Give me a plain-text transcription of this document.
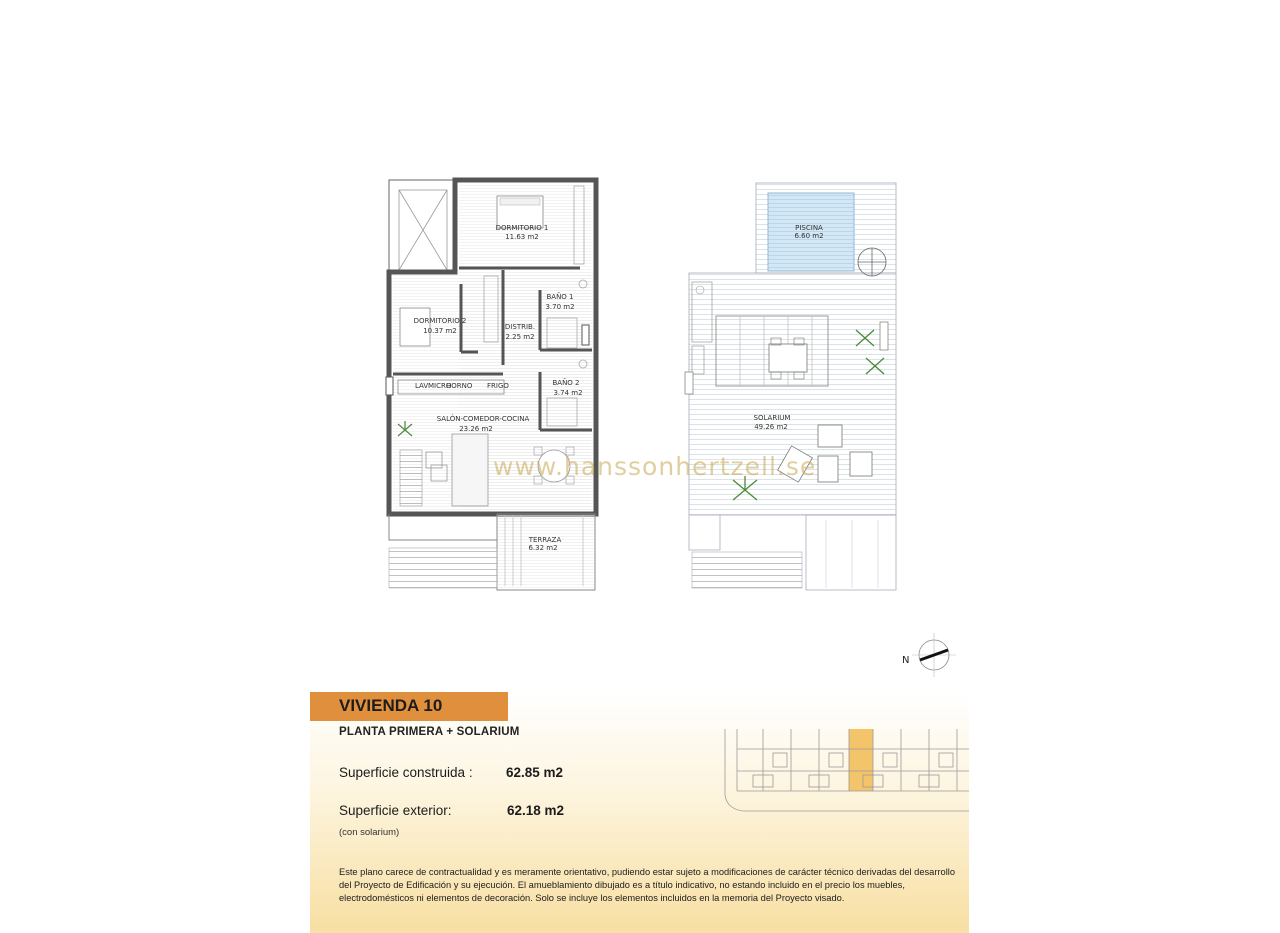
DORMITORIO 1
11.63 m2
DORMITORIO 2
10.37 m2	DISTRIB.
2.25 m2
BAÑO 1
3.70 m2
BAÑO 2
3.74 m2
SALÓN-COMEDOR-COCINA
23.26 m2
TERRAZA
6.32 m2
LAV MICRO
HORNO FRIGO
PISCINA
6.60 m2
SOLARIUM
49.26 m2
N
www.hanssonhertzell.se
VIVIENDA 10
PLANTA PRIMERA + SOLARIUM
Superficie construida : 62.85 m2
Superficie exterior:	62.18 m2
(con solarium)
Este plano carece de contractualidad y es meramente orientativo, pudiendo estar sujeto a modificaciones de carácter técnico derivadas del desarrollo del Proyecto de Edificación y su ejecución. El amueblamiento dibujado es a título indicativo, no estando incluido en el precio los muebles, electrodomésticos ni elementos de decoración. Solo se incluye los elementos incluidos en la memoria del Proyecto visado.
